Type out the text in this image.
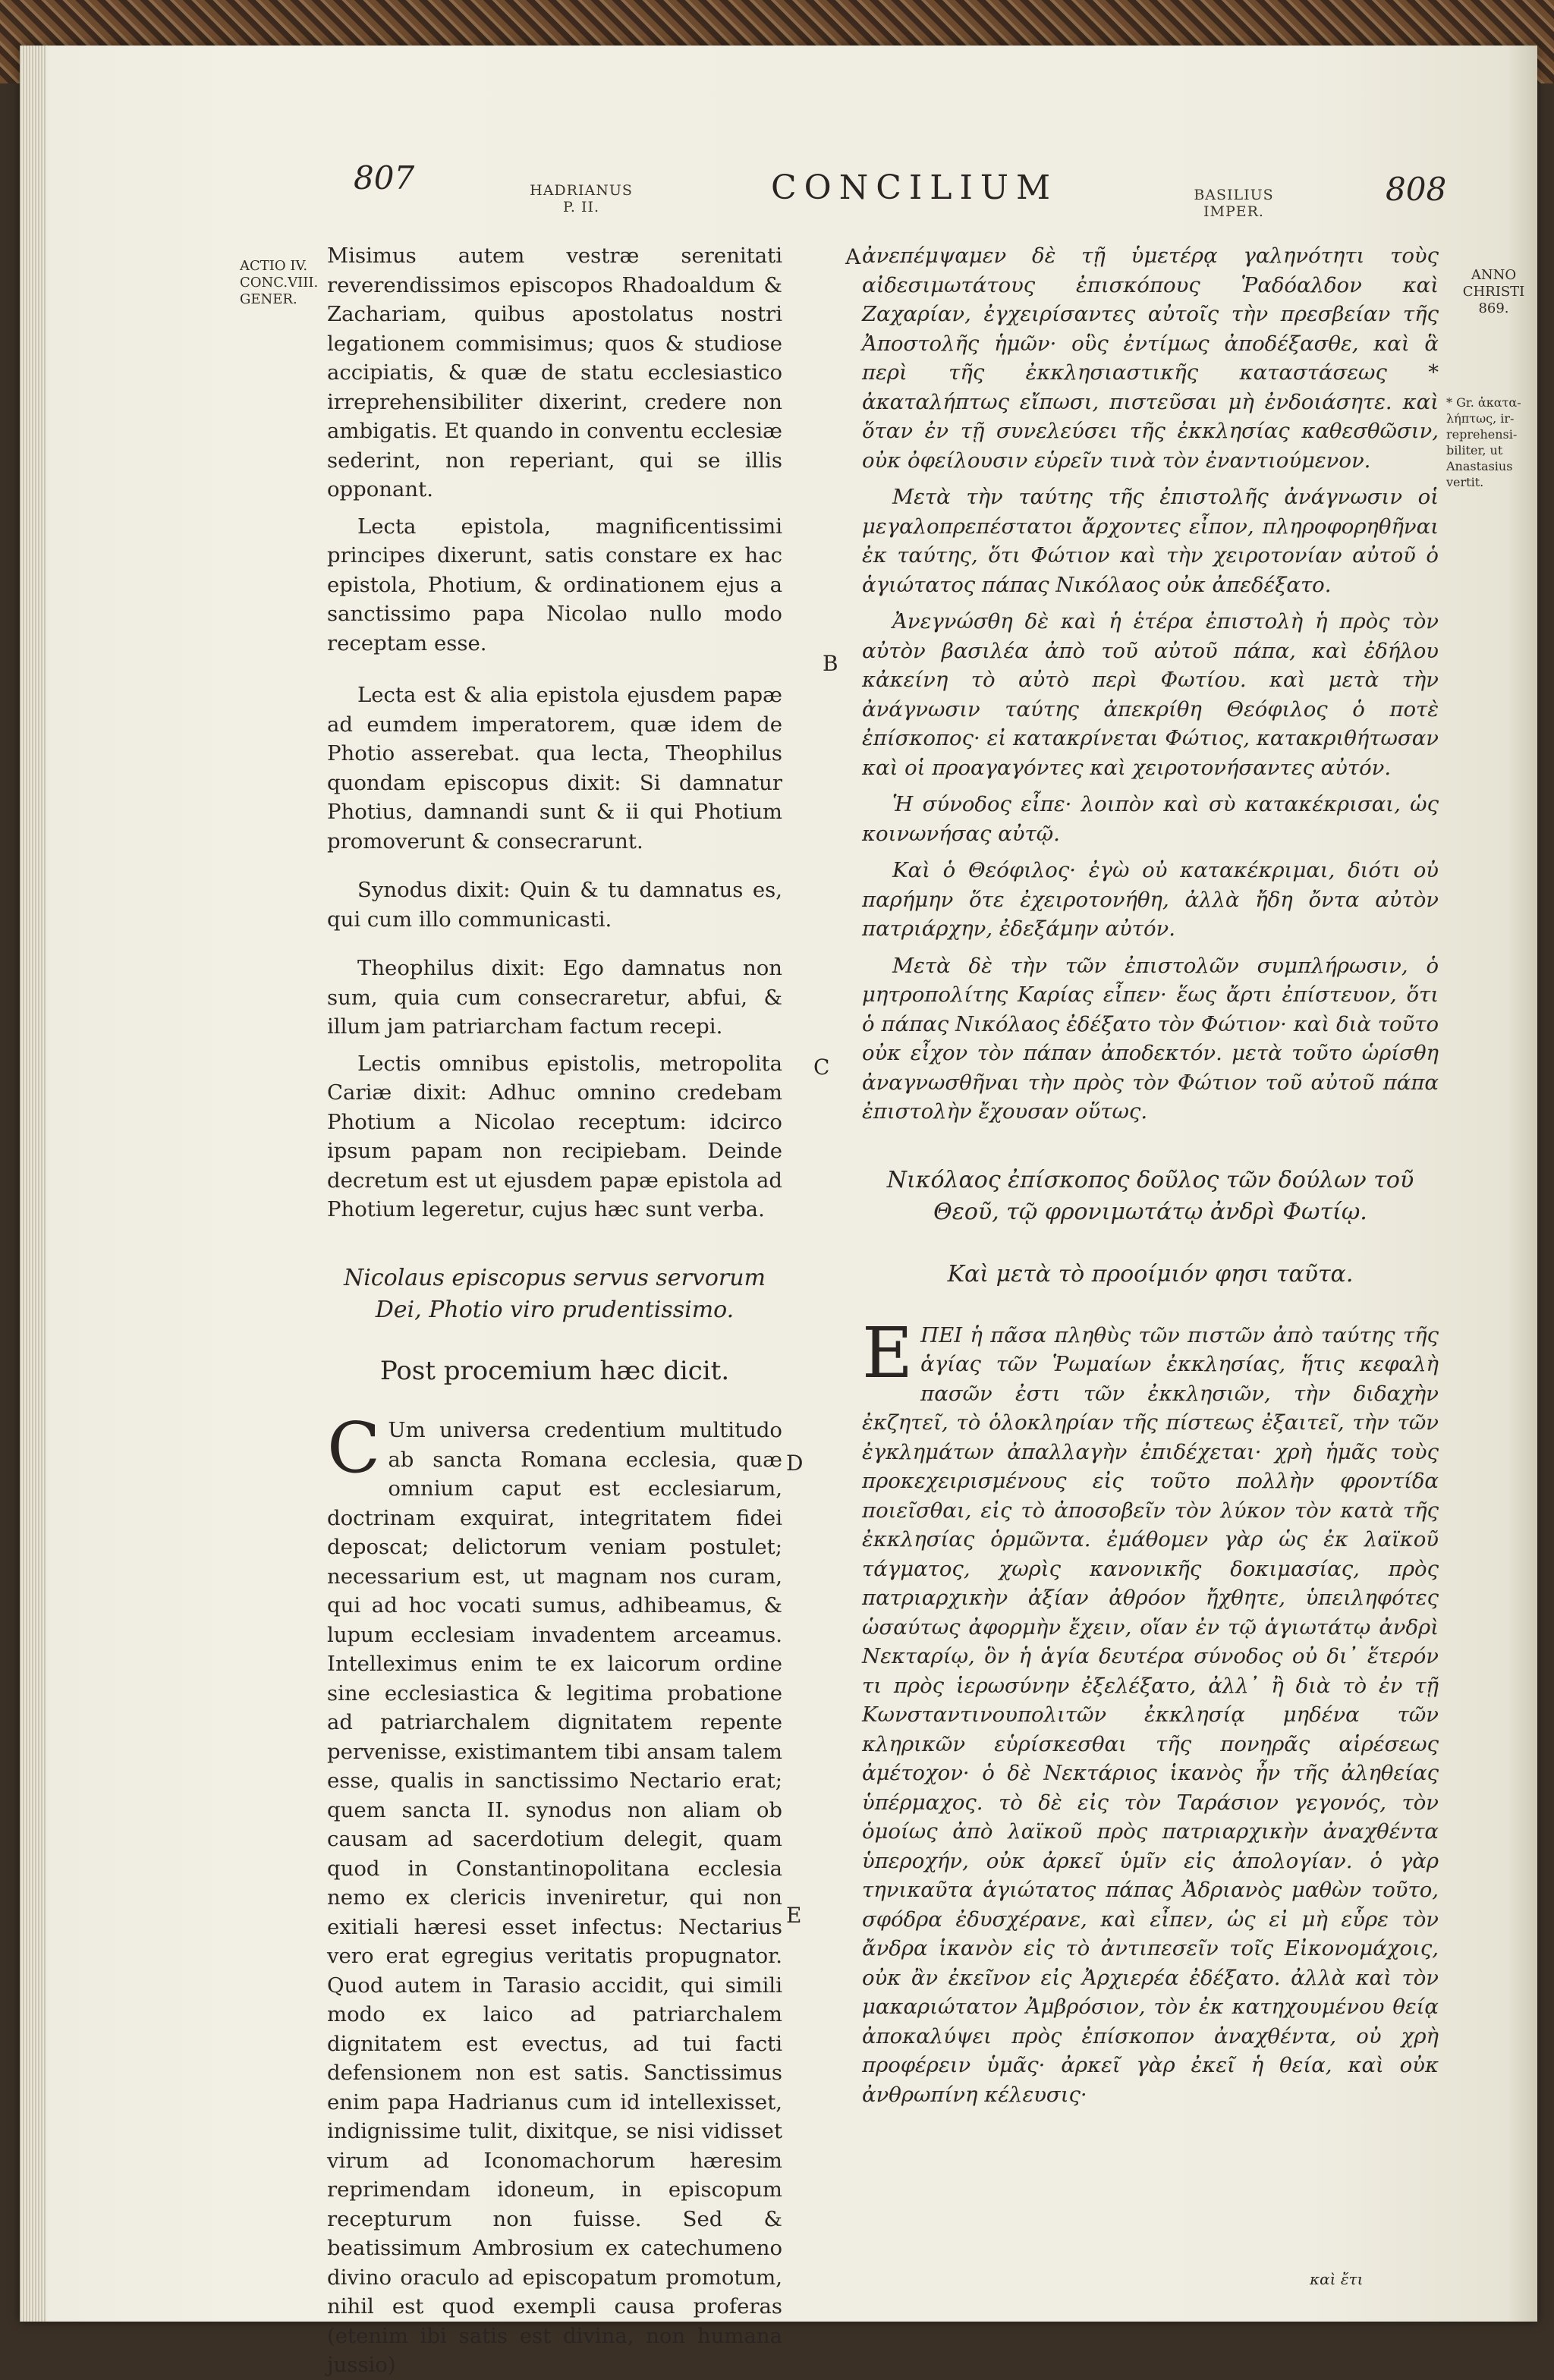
807	HADRIANUS
P. II.	CONCILIUM	BASILIUS
IMPER.
808
ACTIO IV.
CONC.VIII.
GENER.
ANNO
CHRISTI
869.
* Gr. ἀκατα-
λήπτως, ir-
reprehensi-
biliter, ut
Anastasius
vertit.
A
B
C
D
E

Misimus autem vestræ serenitati reverendissimos episcopos Rhadoaldum & Zachariam, quibus apostolatus nostri legationem commisimus; quos & studiose accipiatis, & quæ de statu ecclesiastico irreprehensibiliter dixerint, credere non ambigatis. Et quando in conventu ecclesiæ sederint, non reperiant, qui se illis opponant.

Lecta epistola, magnificentissimi principes dixerunt, satis constare ex hac epistola, Photium, & ordinationem ejus a sanctissimo papa Nicolao nullo modo receptam esse.

Lecta est & alia epistola ejusdem papæ ad eumdem imperatorem, quæ idem de Photio asserebat. qua lecta, Theophilus quondam episcopus dixit: Si damnatur Photius, damnandi sunt & ii qui Photium promoverunt & consecrarunt.

Synodus dixit: Quin & tu damnatus es, qui cum illo communicasti.

Theophilus dixit: Ego damnatus non sum, quia cum consecraretur, abfui, & illum jam patriarcham factum recepi.

Lectis omnibus epistolis, metropolita Cariæ dixit: Adhuc omnino credebam Photium a Nicolao receptum: idcirco ipsum papam non recipiebam. Deinde decretum est ut ejusdem papæ epistola ad Photium legeretur, cujus hæc sunt verba.

Nicolaus episcopus servus servorum Dei, Photio viro prudentissimo.
Post procemium hæc dicit.

C Um universa credentium multitudo ab sancta Romana ecclesia, quæ omnium caput est ecclesiarum, doctrinam exquirat, integritatem fidei deposcat; delictorum veniam postulet; necessarium est, ut magnam nos curam, qui ad hoc vocati sumus, adhibeamus, & lupum ecclesiam invadentem arceamus. Intelleximus enim te ex laicorum ordine sine ecclesiastica & legitima probatione ad patriarchalem dignitatem repente pervenisse, existimantem tibi ansam talem esse, qualis in sanctissimo Nectario erat; quem sancta II. synodus non aliam ob causam ad sacerdotium delegit, quam quod in Constantinopolitana ecclesia nemo ex clericis inveniretur, qui non exitiali hæresi esset infectus: Nectarius vero erat egregius veritatis propugnator. Quod autem in Tarasio accidit, qui simili modo ex laico ad patriarchalem dignitatem est evectus, ad tui facti defensionem non est satis. Sanctissimus enim papa Hadrianus cum id intellexisset, indignissime tulit, dixitque, se nisi vidisset virum ad Iconomachorum hæresim reprimendam idoneum, in episcopum recepturum non fuisse. Sed & beatissimum Ambrosium ex catechumeno divino oraculo ad episcopatum promotum, nihil est quod exempli causa proferas (etenim ibi satis est divina, non humana jussio)

ἀνεπέμψαμεν δὲ τῇ ὑμετέρᾳ γαληνότητι τοὺς αἰδεσιμωτάτους ἐπισκόπους Ῥαδόαλδον καὶ Ζαχαρίαν, ἐγχειρίσαντες αὐτοῖς τὴν πρεσβείαν τῆς Ἀποστολῆς ἡμῶν· οὓς ἐντίμως ἀποδέξασθε, καὶ ἃ περὶ τῆς ἐκκλησιαστικῆς καταστάσεως * ἀκαταλήπτως εἴπωσι, πιστεῦσαι μὴ ἐνδοιάσητε. καὶ ὅταν ἐν τῇ συνελεύσει τῆς ἐκκλησίας καθεσθῶσιν, οὐκ ὀφείλουσιν εὑρεῖν τινὰ τὸν ἐναντιούμενον.

Μετὰ τὴν ταύτης τῆς ἐπιστολῆς ἀνάγνωσιν οἱ μεγαλοπρεπέστατοι ἄρχοντες εἶπον, πληροφορηθῆναι ἐκ ταύτης, ὅτι Φώτιον καὶ τὴν χειροτονίαν αὐτοῦ ὁ ἁγιώτατος πάπας Νικόλαος οὐκ ἀπεδέξατο.

Ἀνεγνώσθη δὲ καὶ ἡ ἑτέρα ἐπιστολὴ ἡ πρὸς τὸν αὐτὸν βασιλέα ἀπὸ τοῦ αὐτοῦ πάπα, καὶ ἐδήλου κἀκείνη τὸ αὐτὸ περὶ Φωτίου. καὶ μετὰ τὴν ἀνάγνωσιν ταύτης ἀπεκρίθη Θεόφιλος ὁ ποτὲ ἐπίσκοπος· εἰ κατακρίνεται Φώτιος, κατακριθήτωσαν καὶ οἱ προαγαγόντες καὶ χειροτονήσαντες αὐτόν.

Ἡ σύνοδος εἶπε· λοιπὸν καὶ σὺ κατακέκρισαι, ὡς κοινωνήσας αὐτῷ.

Καὶ ὁ Θεόφιλος· ἐγὼ οὐ κατακέκριμαι, διότι οὐ παρήμην ὅτε ἐχειροτονήθη, ἀλλὰ ἤδη ὄντα αὐτὸν πατριάρχην, ἐδεξάμην αὐτόν.

Μετὰ δὲ τὴν τῶν ἐπιστολῶν συμπλήρωσιν, ὁ μητροπολίτης Καρίας εἶπεν· ἕως ἄρτι ἐπίστευον, ὅτι ὁ πάπας Νικόλαος ἐδέξατο τὸν Φώτιον· καὶ διὰ τοῦτο οὐκ εἶχον τὸν πάπαν ἀποδεκτόν. μετὰ τοῦτο ὡρίσθη ἀναγνωσθῆναι τὴν πρὸς τὸν Φώτιον τοῦ αὐτοῦ πάπα ἐπιστολὴν ἔχουσαν οὕτως.

Νικόλαος ἐπίσκοπος δοῦλος τῶν δούλων τοῦ Θεοῦ, τῷ φρονιμωτάτῳ ἀνδρὶ Φωτίῳ.
Καὶ μετὰ τὸ προοίμιόν φησι ταῦτα.

EΠΕΙ ἡ πᾶσα πληθὺς τῶν πιστῶν ἀπὸ ταύτης τῆς ἁγίας τῶν Ῥωμαίων ἐκκλησίας, ἥτις κεφαλὴ πασῶν ἐστι τῶν ἐκκλησιῶν, τὴν διδαχὴν ἐκζητεῖ, τὸ ὁλοκληρίαν τῆς πίστεως ἐξαιτεῖ, τὴν τῶν ἐγκλημάτων ἀπαλλαγὴν ἐπιδέχεται· χρὴ ἡμᾶς τοὺς προκεχειρισμένους εἰς τοῦτο πολλὴν φροντίδα ποιεῖσθαι, εἰς τὸ ἀποσοβεῖν τὸν λύκον τὸν κατὰ τῆς ἐκκλησίας ὁρμῶντα. ἐμάθομεν γὰρ ὡς ἐκ λαϊκοῦ τάγματος, χωρὶς κανονικῆς δοκιμασίας, πρὸς πατριαρχικὴν ἀξίαν ἀθρόον ἤχθητε, ὑπειληφότες ὡσαύτως ἀφορμὴν ἔχειν, οἵαν ἐν τῷ ἁγιωτάτῳ ἀνδρὶ Νεκταρίῳ, ὃν ἡ ἁγία δευτέρα σύνοδος οὐ δι᾽ ἕτερόν τι πρὸς ἱερωσύνην ἐξελέξατο, ἀλλ᾽ ἢ διὰ τὸ ἐν τῇ Κωνσταντινουπολιτῶν ἐκκλησίᾳ μηδένα τῶν κληρικῶν εὑρίσκεσθαι τῆς πονηρᾶς αἱρέσεως ἀμέτοχον· ὁ δὲ Νεκτάριος ἱκανὸς ἦν τῆς ἀληθείας ὑπέρμαχος. τὸ δὲ εἰς τὸν Ταράσιον γεγονός, τὸν ὁμοίως ἀπὸ λαϊκοῦ πρὸς πατριαρχικὴν ἀναχθέντα ὑπεροχήν, οὐκ ἀρκεῖ ὑμῖν εἰς ἀπολογίαν. ὁ γὰρ τηνικαῦτα ἁγιώτατος πάπας Ἀδριανὸς μαθὼν τοῦτο, σφόδρα ἐδυσχέρανε, καὶ εἶπεν, ὡς εἰ μὴ εὗρε τὸν ἄνδρα ἱκανὸν εἰς τὸ ἀντιπεσεῖν τοῖς Εἰκονομάχοις, οὐκ ἂν ἐκεῖνον εἰς Ἀρχιερέα ἐδέξατο. ἀλλὰ καὶ τὸν μακαριώτατον Ἀμβρόσιον, τὸν ἐκ κατηχουμένου θείᾳ ἀποκαλύψει πρὸς ἐπίσκοπον ἀναχθέντα, οὐ χρὴ προφέρειν ὑμᾶς· ἀρκεῖ γὰρ ἐκεῖ ἡ θεία, καὶ οὐκ ἀνθρωπίνη κέλευσις·

καὶ ἔτι
